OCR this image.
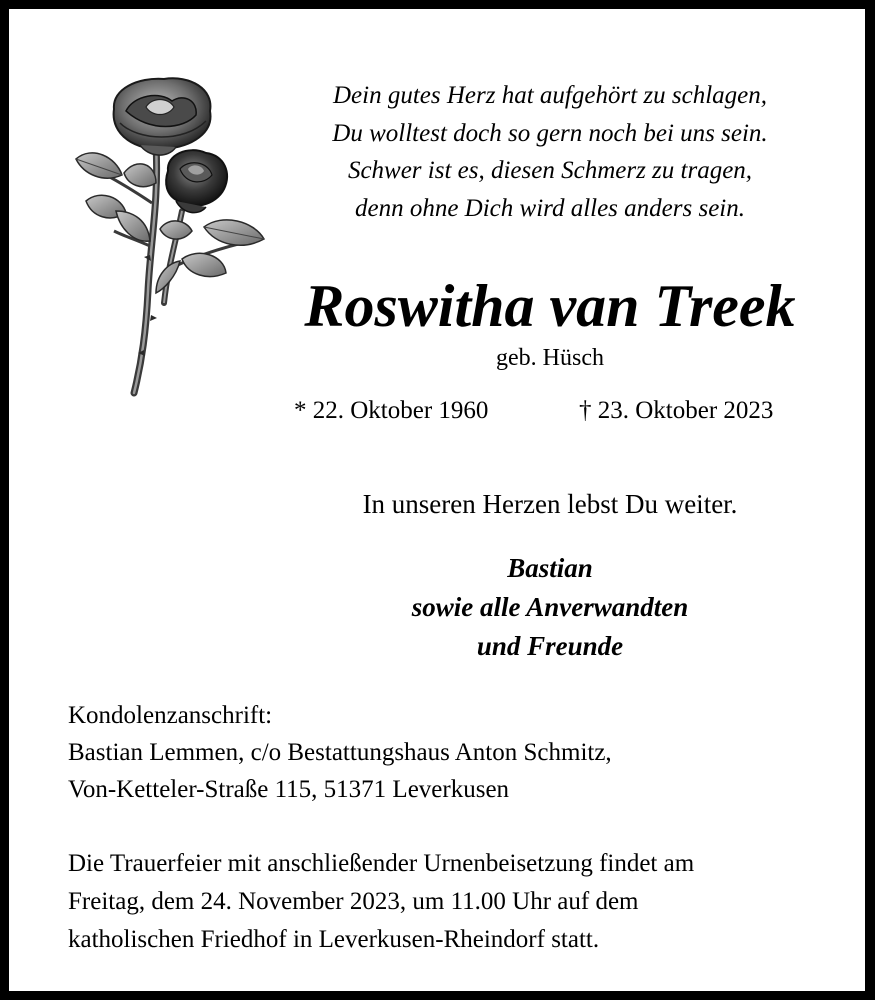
Dein gutes Herz hat aufgehört zu schlagen,
Du wolltest doch so gern noch bei uns sein.
Schwer ist es, diesen Schmerz zu tragen,
denn ohne Dich wird alles anders sein.
Roswitha van Treek
geb. Hüsch
* 22. Oktober 1960	† 23. Oktober 2023
In unseren Herzen lebst Du weiter.
Bastian
sowie alle Anverwandten
und Freunde
Kondolenzanschrift:
Bastian Lemmen, c/o Bestattungshaus Anton Schmitz,
Von-Ketteler-Straße 115, 51371 Leverkusen
Die Trauerfeier mit anschließender Urnenbeisetzung findet am
Freitag, dem 24. November 2023, um 11.00 Uhr auf dem
katholischen Friedhof in Leverkusen-Rheindorf statt.
